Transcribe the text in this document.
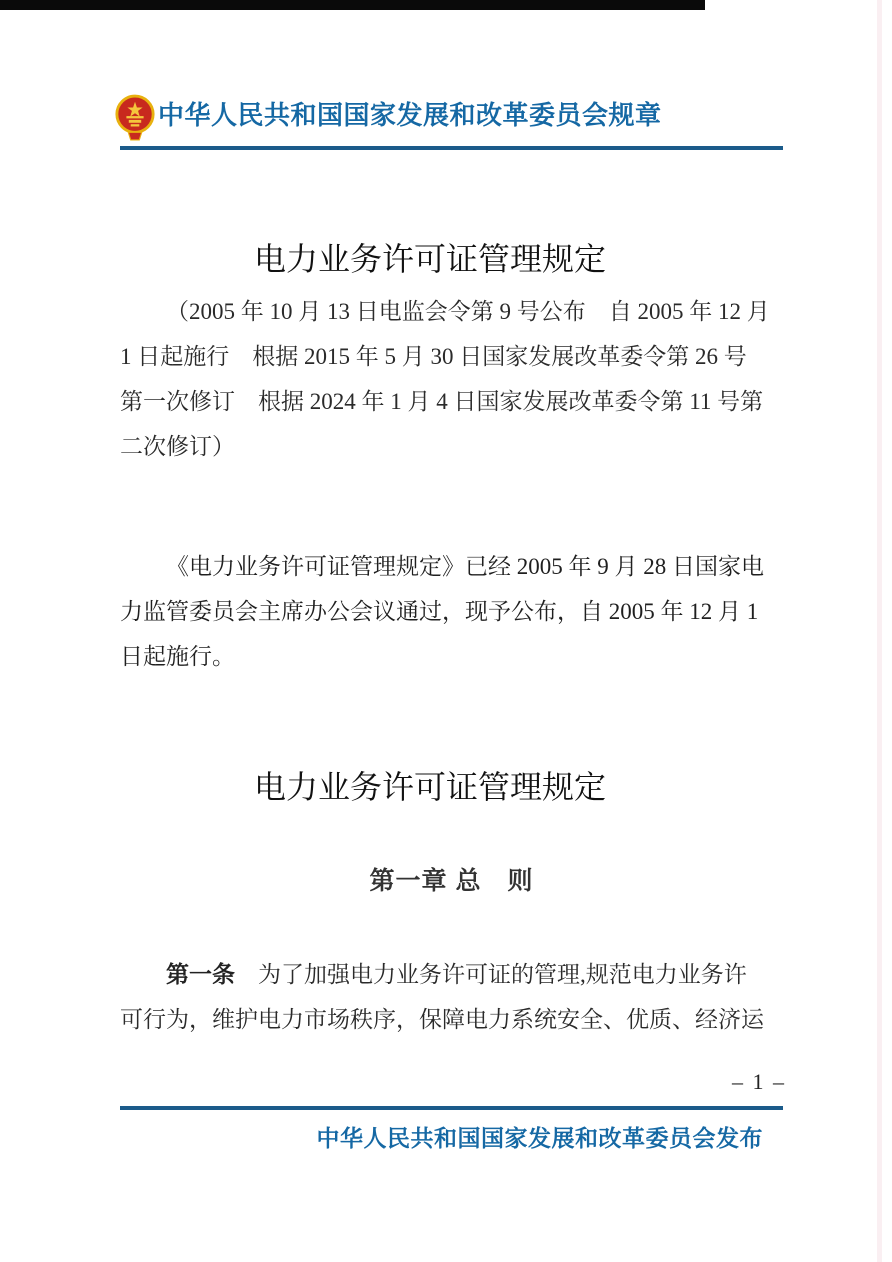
中华人民共和国国家发展和改革委员会规章
电力业务许可证管理规定
（2005 年 10 月 13 日电监会令第 9 号公布　自 2005 年 12 月
1 日起施行　根据 2015 年 5 月 30 日国家发展改革委令第 26 号
第一次修订　根据 2024 年 1 月 4 日国家发展改革委令第 11 号第
二次修订）
《电力业务许可证管理规定》已经 2005 年 9 月 28 日国家电
力监管委员会主席办公会议通过，现予公布，自 2005 年 12 月 1
日起施行。
电力业务许可证管理规定
第一章 总　则
第一条　为了加强电力业务许可证的管理,规范电力业务许
可行为，维护电力市场秩序，保障电力系统安全、优质、经济运
– 1 –
中华人民共和国国家发展和改革委员会发布
